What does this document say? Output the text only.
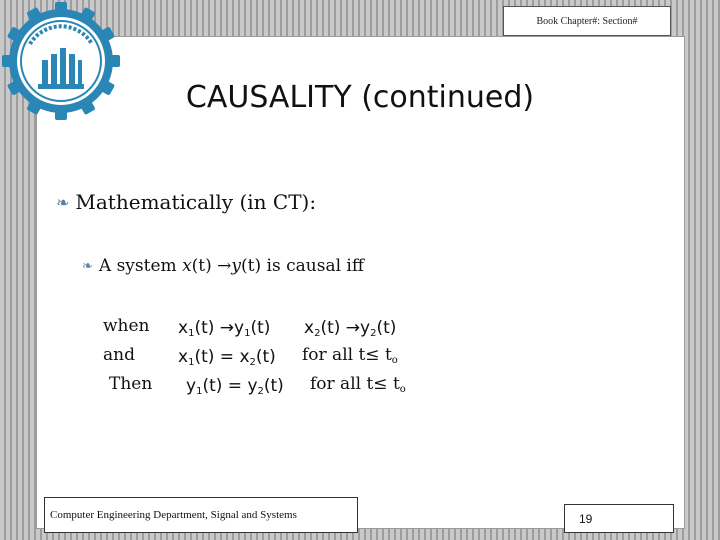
Book Chapter#: Section#
CAUSALITY (continued)
❧ Mathematically (in CT):
❧ A system
x (t)
→ y (t)
is causal iff
when $x_1(t) \to y_1(t)$ $x_2(t) \to y_2(t)$
and	$x_1(t) = x_2(t)$ for all $t\le t_o$
Then $y_1(t) = y_2(t)$ for all $t\le t_o$
Computer Engineering Department, Signal and Systems	19
